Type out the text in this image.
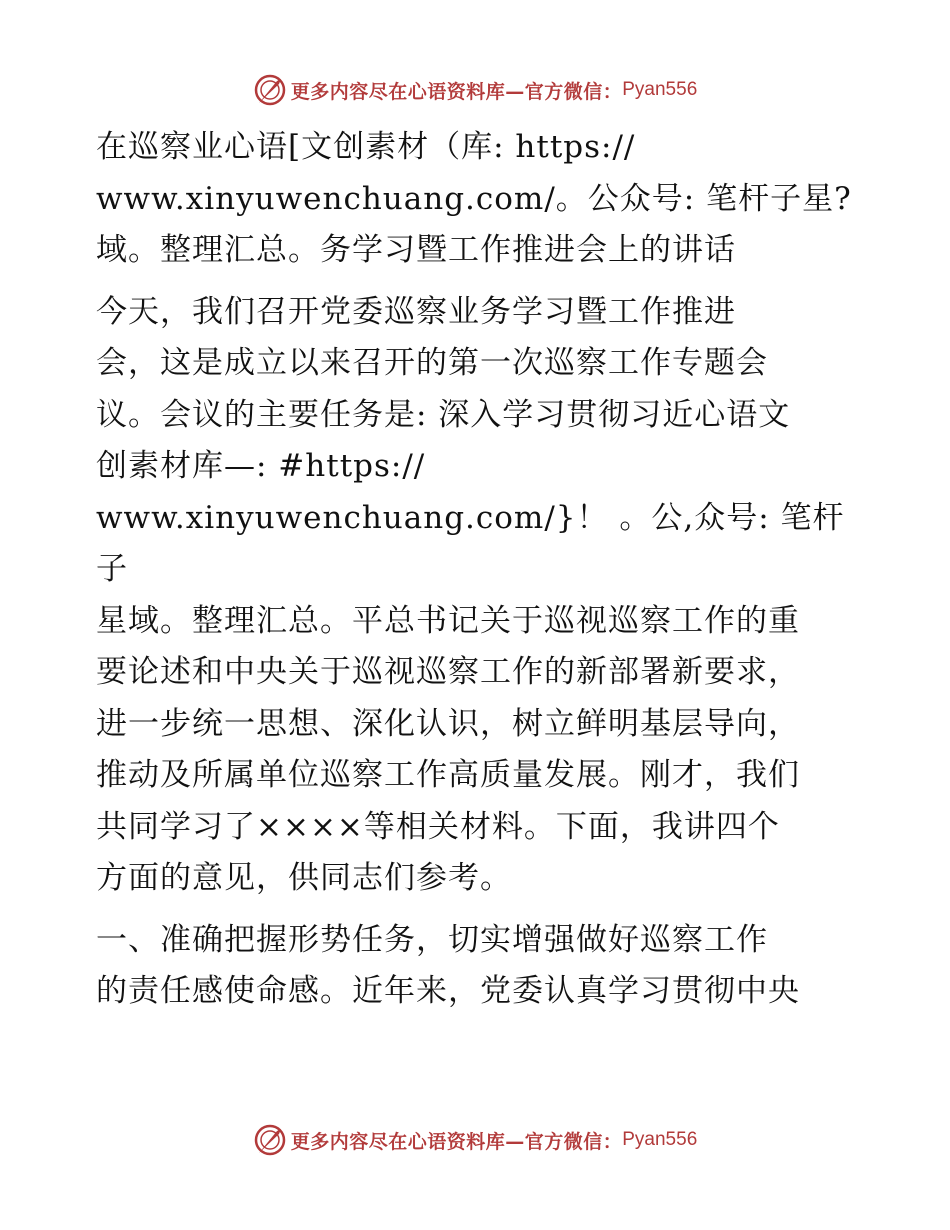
更多内容尽在心语资料库—官方微信： Pyan556

在巡察业心语[文创素材（库: https://
www.xinyuwenchuang.com/。公众号: 笔杆子星?
域。整理汇总。务学习暨工作推进会上的讲话

今天，我们召开党委巡察业务学习暨工作推进
会，这是成立以来召开的第一次巡察工作专题会
议。会议的主要任务是: 深入学习贯彻习近心语文
创素材库—: #https://
www.xinyuwenchuang.com/}！ 。公,众号: 笔杆子
星域。整理汇总。平总书记关于巡视巡察工作的重
要论述和中央关于巡视巡察工作的新部署新要求，
进一步统一思想、深化认识，树立鲜明基层导向，
推动及所属单位巡察工作高质量发展。刚才，我们
共同学习了××××等相关材料。下面，我讲四个
方面的意见，供同志们参考。

一、准确把握形势任务，切实增强做好巡察工作
的责任感使命感。近年来，党委认真学习贯彻中央

更多内容尽在心语资料库—官方微信： Pyan556
